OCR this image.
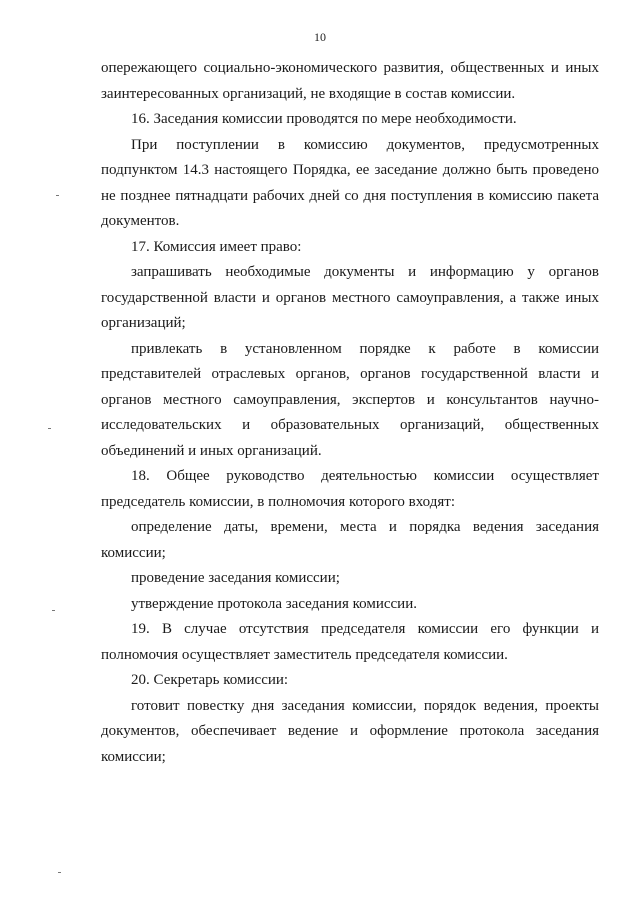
10

опережающего социально-экономического развития, общественных и иных заинтересованных организаций, не входящие в состав комиссии.

16. Заседания комиссии проводятся по мере необходимости.

При поступлении в комиссию документов, предусмотренных подпунктом 14.3 настоящего Порядка, ее заседание должно быть проведено не позднее пятнадцати рабочих дней со дня поступления в комиссию пакета документов.

17. Комиссия имеет право:

запрашивать необходимые документы и информацию у органов государственной власти и органов местного самоуправления, а также иных организаций;

привлекать в установленном порядке к работе в комиссии представителей отраслевых органов, органов государственной власти и органов местного самоуправления, экспертов и консультантов научно-исследовательских и образовательных организаций, общественных объединений и иных организаций.

18. Общее руководство деятельностью комиссии осуществляет председатель комиссии, в полномочия которого входят:

определение даты, времени, места и порядка ведения заседания комиссии;

проведение заседания комиссии;

утверждение протокола заседания комиссии.

19. В случае отсутствия председателя комиссии его функции и полномочия осуществляет заместитель председателя комиссии.

20. Секретарь комиссии:

готовит повестку дня заседания комиссии, порядок ведения, проекты документов, обеспечивает ведение и оформление протокола заседания комиссии;
